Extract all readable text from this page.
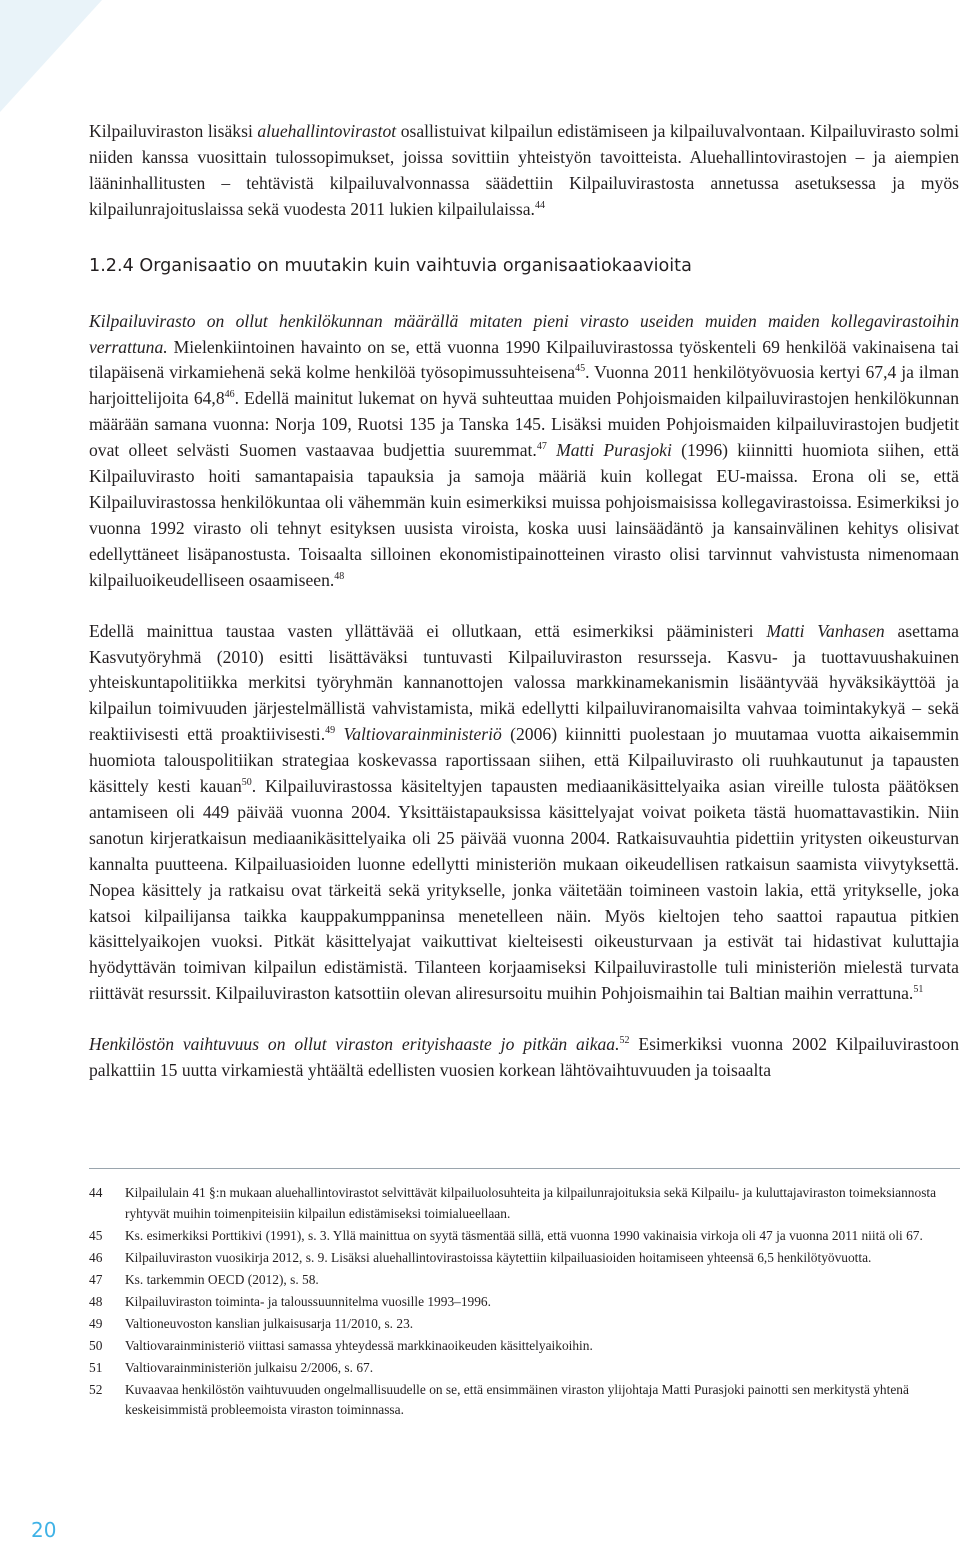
Kilpailuviraston lisäksi aluehallintovirastot osallistuivat kilpailun edistämiseen ja kilpailuvalvontaan. Kilpailuvirasto solmi niiden kanssa vuosittain tulossopimukset, joissa sovittiin yhteistyön tavoitteista. Aluehallintovirastojen – ja aiempien lääninhallitusten – tehtävistä kilpailuvalvonnassa säädettiin Kilpailuvirastosta annetussa asetuksessa ja myös kilpailunrajoituslaissa sekä vuodesta 2011 lukien kilpailulaissa.$^{44}$

1.2.4 Organisaatio on muutakin kuin vaihtuvia organisaatiokaavioita

Kilpailuvirasto on ollut henkilökunnan määrällä mitaten pieni virasto useiden muiden maiden kollegavirastoihin verrattuna. Mielenkiintoinen havainto on se, että vuonna 1990 Kilpailuvirastossa työskenteli 69 henkilöä vakinaisena tai tilapäisenä virkamiehenä sekä kolme henkilöä työsopimussuhteisena$^{45}$. Vuonna 2011 henkilötyövuosia kertyi 67,4 ja ilman harjoittelijoita 64,8$^{46}$. Edellä mainitut lukemat on hyvä suhteuttaa muiden Pohjoismaiden kilpailuvirastojen henkilökunnan määrään samana vuonna: Norja 109, Ruotsi 135 ja Tanska 145. Lisäksi muiden Pohjoismaiden kilpailuvirastojen budjetit ovat olleet selvästi Suomen vastaavaa budjettia suuremmat.$^{47}$ Matti Purasjoki (1996) kiinnitti huomiota siihen, että Kilpailuvirasto hoiti samantapaisia tapauksia ja samoja määriä kuin kollegat EU-maissa. Erona oli se, että Kilpailuvirastossa henkilökuntaa oli vähemmän kuin esimerkiksi muissa pohjoismaisissa kollegavirastoissa. Esimerkiksi jo vuonna 1992 virasto oli tehnyt esityksen uusista viroista, koska uusi lainsäädäntö ja kansainvälinen kehitys olisivat edellyttäneet lisäpanostusta. Toisaalta silloinen ekonomistipainotteinen virasto olisi tarvinnut vahvistusta nimenomaan kilpailuoikeudelliseen osaamiseen.$^{48}$

Edellä mainittua taustaa vasten yllättävää ei ollutkaan, että esimerkiksi pääministeri Matti Vanhasen asettama Kasvutyöryhmä (2010) esitti lisättäväksi tuntuvasti Kilpailuviraston resursseja. Kasvu- ja tuottavuushakuinen yhteiskuntapolitiikka merkitsi työryhmän kannanottojen valossa markkinamekanismin lisääntyvää hyväksikäyttöä ja kilpailun toimivuuden järjestelmällistä vahvistamista, mikä edellytti kilpailuviranomaisilta vahvaa toimintakykyä – sekä reaktiivisesti että proaktiivisesti.$^{49}$ Valtiovarainministeriö (2006) kiinnitti puolestaan jo muutamaa vuotta aikaisemmin huomiota talouspolitiikan strategiaa koskevassa raportissaan siihen, että Kilpailuvirasto oli ruuhkautunut ja tapausten käsittely kesti kauan$^{50}$. Kilpailuvirastossa käsiteltyjen tapausten mediaanikäsittelyaika asian vireille tulosta päätöksen antamiseen oli 449 päivää vuonna 2004. Yksittäistapauksissa käsittelyajat voivat poiketa tästä huomattavastikin. Niin sanotun kirjeratkaisun mediaanikäsittelyaika oli 25 päivää vuonna 2004. Ratkaisuvauhtia pidettiin yritysten oikeusturvan kannalta puutteena. Kilpailuasioiden luonne edellytti ministeriön mukaan oikeudellisen ratkaisun saamista viivytyksettä. Nopea käsittely ja ratkaisu ovat tärkeitä sekä yritykselle, jonka väitetään toimineen vastoin lakia, että yritykselle, joka katsoi kilpailijansa taikka kauppakumppaninsa menetelleen näin. Myös kieltojen teho saattoi rapautua pitkien käsittelyaikojen vuoksi. Pitkät käsittelyajat vaikuttivat kielteisesti oikeusturvaan ja estivät tai hidastivat kuluttajia hyödyttävän toimivan kilpailun edistämistä. Tilanteen korjaamiseksi Kilpailuvirastolle tuli ministeriön mielestä turvata riittävät resurssit. Kilpailuviraston katsottiin olevan aliresursoitu muihin Pohjoismaihin tai Baltian maihin verrattuna.$^{51}$

Henkilöstön vaihtuvuus on ollut viraston erityishaaste jo pitkän aikaa.$^{52}$ Esimerkiksi vuonna 2002 Kilpailuvirastoon palkattiin 15 uutta virkamiestä yhtäältä edellisten vuosien korkean lähtövaihtuvuuden ja toisaalta

44	Kilpailulain 41 §:n mukaan aluehallintovirastot selvittävät kilpailuolosuhteita ja kilpailunrajoituksia sekä Kilpailu- ja kuluttajaviraston toimeksiannosta ryhtyvät muihin toimenpiteisiin kilpailun edistämiseksi toimialueellaan.
45	Ks. esimerkiksi Porttikivi (1991), s. 3. Yllä mainittua on syytä täsmentää sillä, että vuonna 1990 vakinaisia virkoja oli 47 ja vuonna 2011 niitä oli 67.
46	Kilpailuviraston vuosikirja 2012, s. 9. Lisäksi aluehallintovirastoissa käytettiin kilpailuasioiden hoitamiseen yhteensä 6,5 henkilötyövuotta.
47	Ks. tarkemmin OECD (2012), s. 58.
48	Kilpailuviraston toiminta- ja taloussuunnitelma vuosille 1993–1996.
49	Valtioneuvoston kanslian julkaisusarja 11/2010, s. 23.
50	Valtiovarainministeriö viittasi samassa yhteydessä markkinaoikeuden käsittelyaikoihin.
51	Valtiovarainministeriön julkaisu 2/2006, s. 67.
52	Kuvaavaa henkilöstön vaihtuvuuden ongelmallisuudelle on se, että ensimmäinen viraston ylijohtaja Matti Purasjoki painotti sen merkitystä yhtenä keskeisimmistä probleemoista viraston toiminnassa.
20
